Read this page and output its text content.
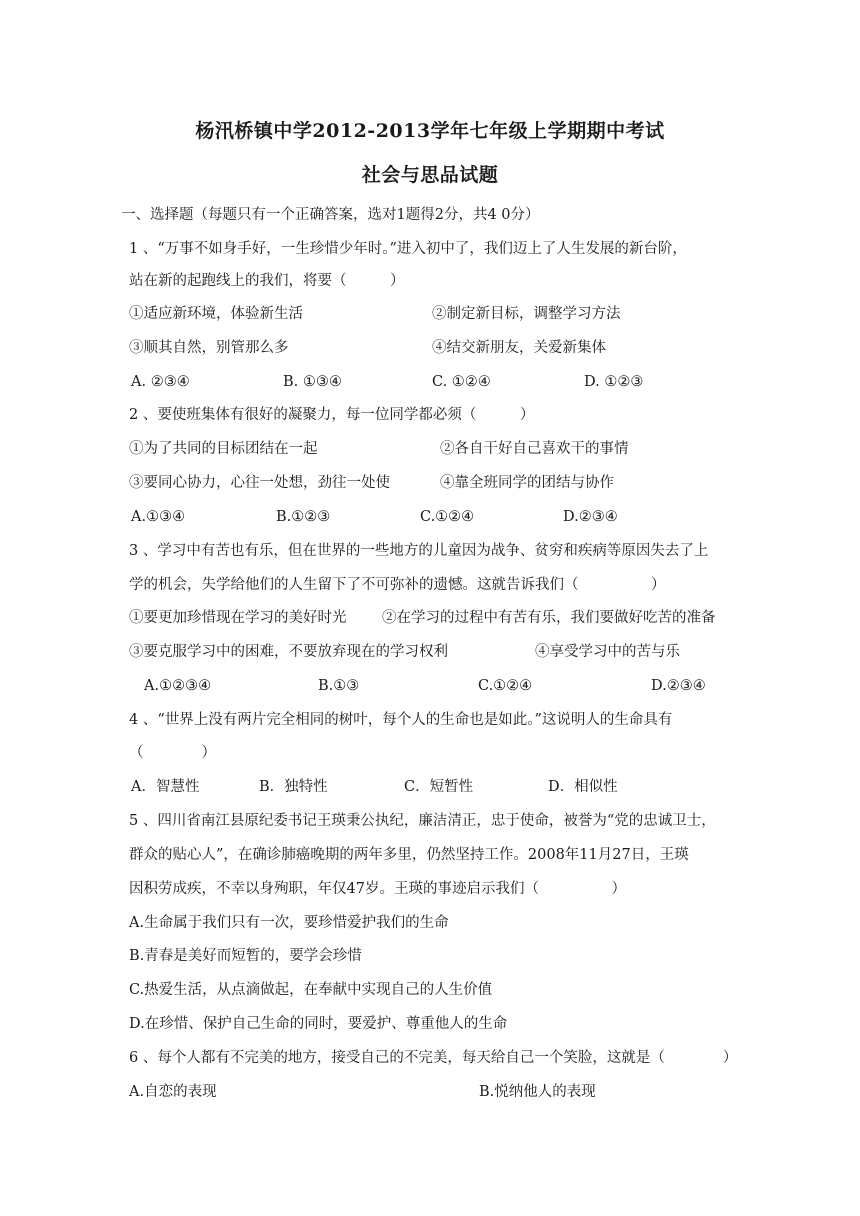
杨汛桥镇中学2012-2013学年七年级上学期期中考试
社会与思品试题
一、选择题（每题只有一个正确答案，选对1题得2分，共4 0分）
1 、“万事不如身手好，一生珍惜少年时。”进入初中了，我们迈上了人生发展的新台阶，
站在新的起跑线上的我们，将要（　　　）
①适应新环境，体验新生活	②制定新目标，调整学习方法
③顺其自然，别管那么多	④结交新朋友，关爱新集体
A. ②③④	B. ①③④	C. ①②④	D. ①②③
2 、要使班集体有很好的凝聚力，每一位同学都必须（　　　）
①为了共同的目标团结在一起	②各自干好自己喜欢干的事情
③要同心协力，心往一处想，劲往一处使	④靠全班同学的团结与协作
A.①③④	B.①②③	C.①②④	D.②③④
3 、学习中有苦也有乐，但在世界的一些地方的儿童因为战争、贫穷和疾病等原因失去了上
学的机会，失学给他们的人生留下了不可弥补的遗憾。这就告诉我们（　　　　　）
①要更加珍惜现在学习的美好时光 ②在学习的过程中有苦有乐，我们要做好吃苦的准备
③要克服学习中的困难，不要放弃现在的学习权利	④享受学习中的苦与乐
A.①②③④	B.①③	C.①②④	D.②③④
4 、“世界上没有两片完全相同的树叶，每个人的生命也是如此。”这说明人的生命具有
（　　　　）
A．智慧性	B．独特性	C．短暂性	D．相似性
5 、四川省南江县原纪委书记王瑛秉公执纪，廉洁清正，忠于使命，被誉为“党的忠诚卫士，
群众的贴心人”，在确诊肺癌晚期的两年多里，仍然坚持工作。2008年11月27日，王瑛
因积劳成疾，不幸以身殉职，年仅47岁。王瑛的事迹启示我们（　　　　　）
A.生命属于我们只有一次，要珍惜爱护我们的生命
B.青春是美好而短暂的，要学会珍惜
C.热爱生活，从点滴做起，在奉献中实现自己的人生价值
D.在珍惜、保护自己生命的同时，要爱护、尊重他人的生命
6 、每个人都有不完美的地方，接受自己的不完美，每天给自己一个笑脸，这就是（　　　　）
A.自恋的表现	B.悦纳他人的表现
